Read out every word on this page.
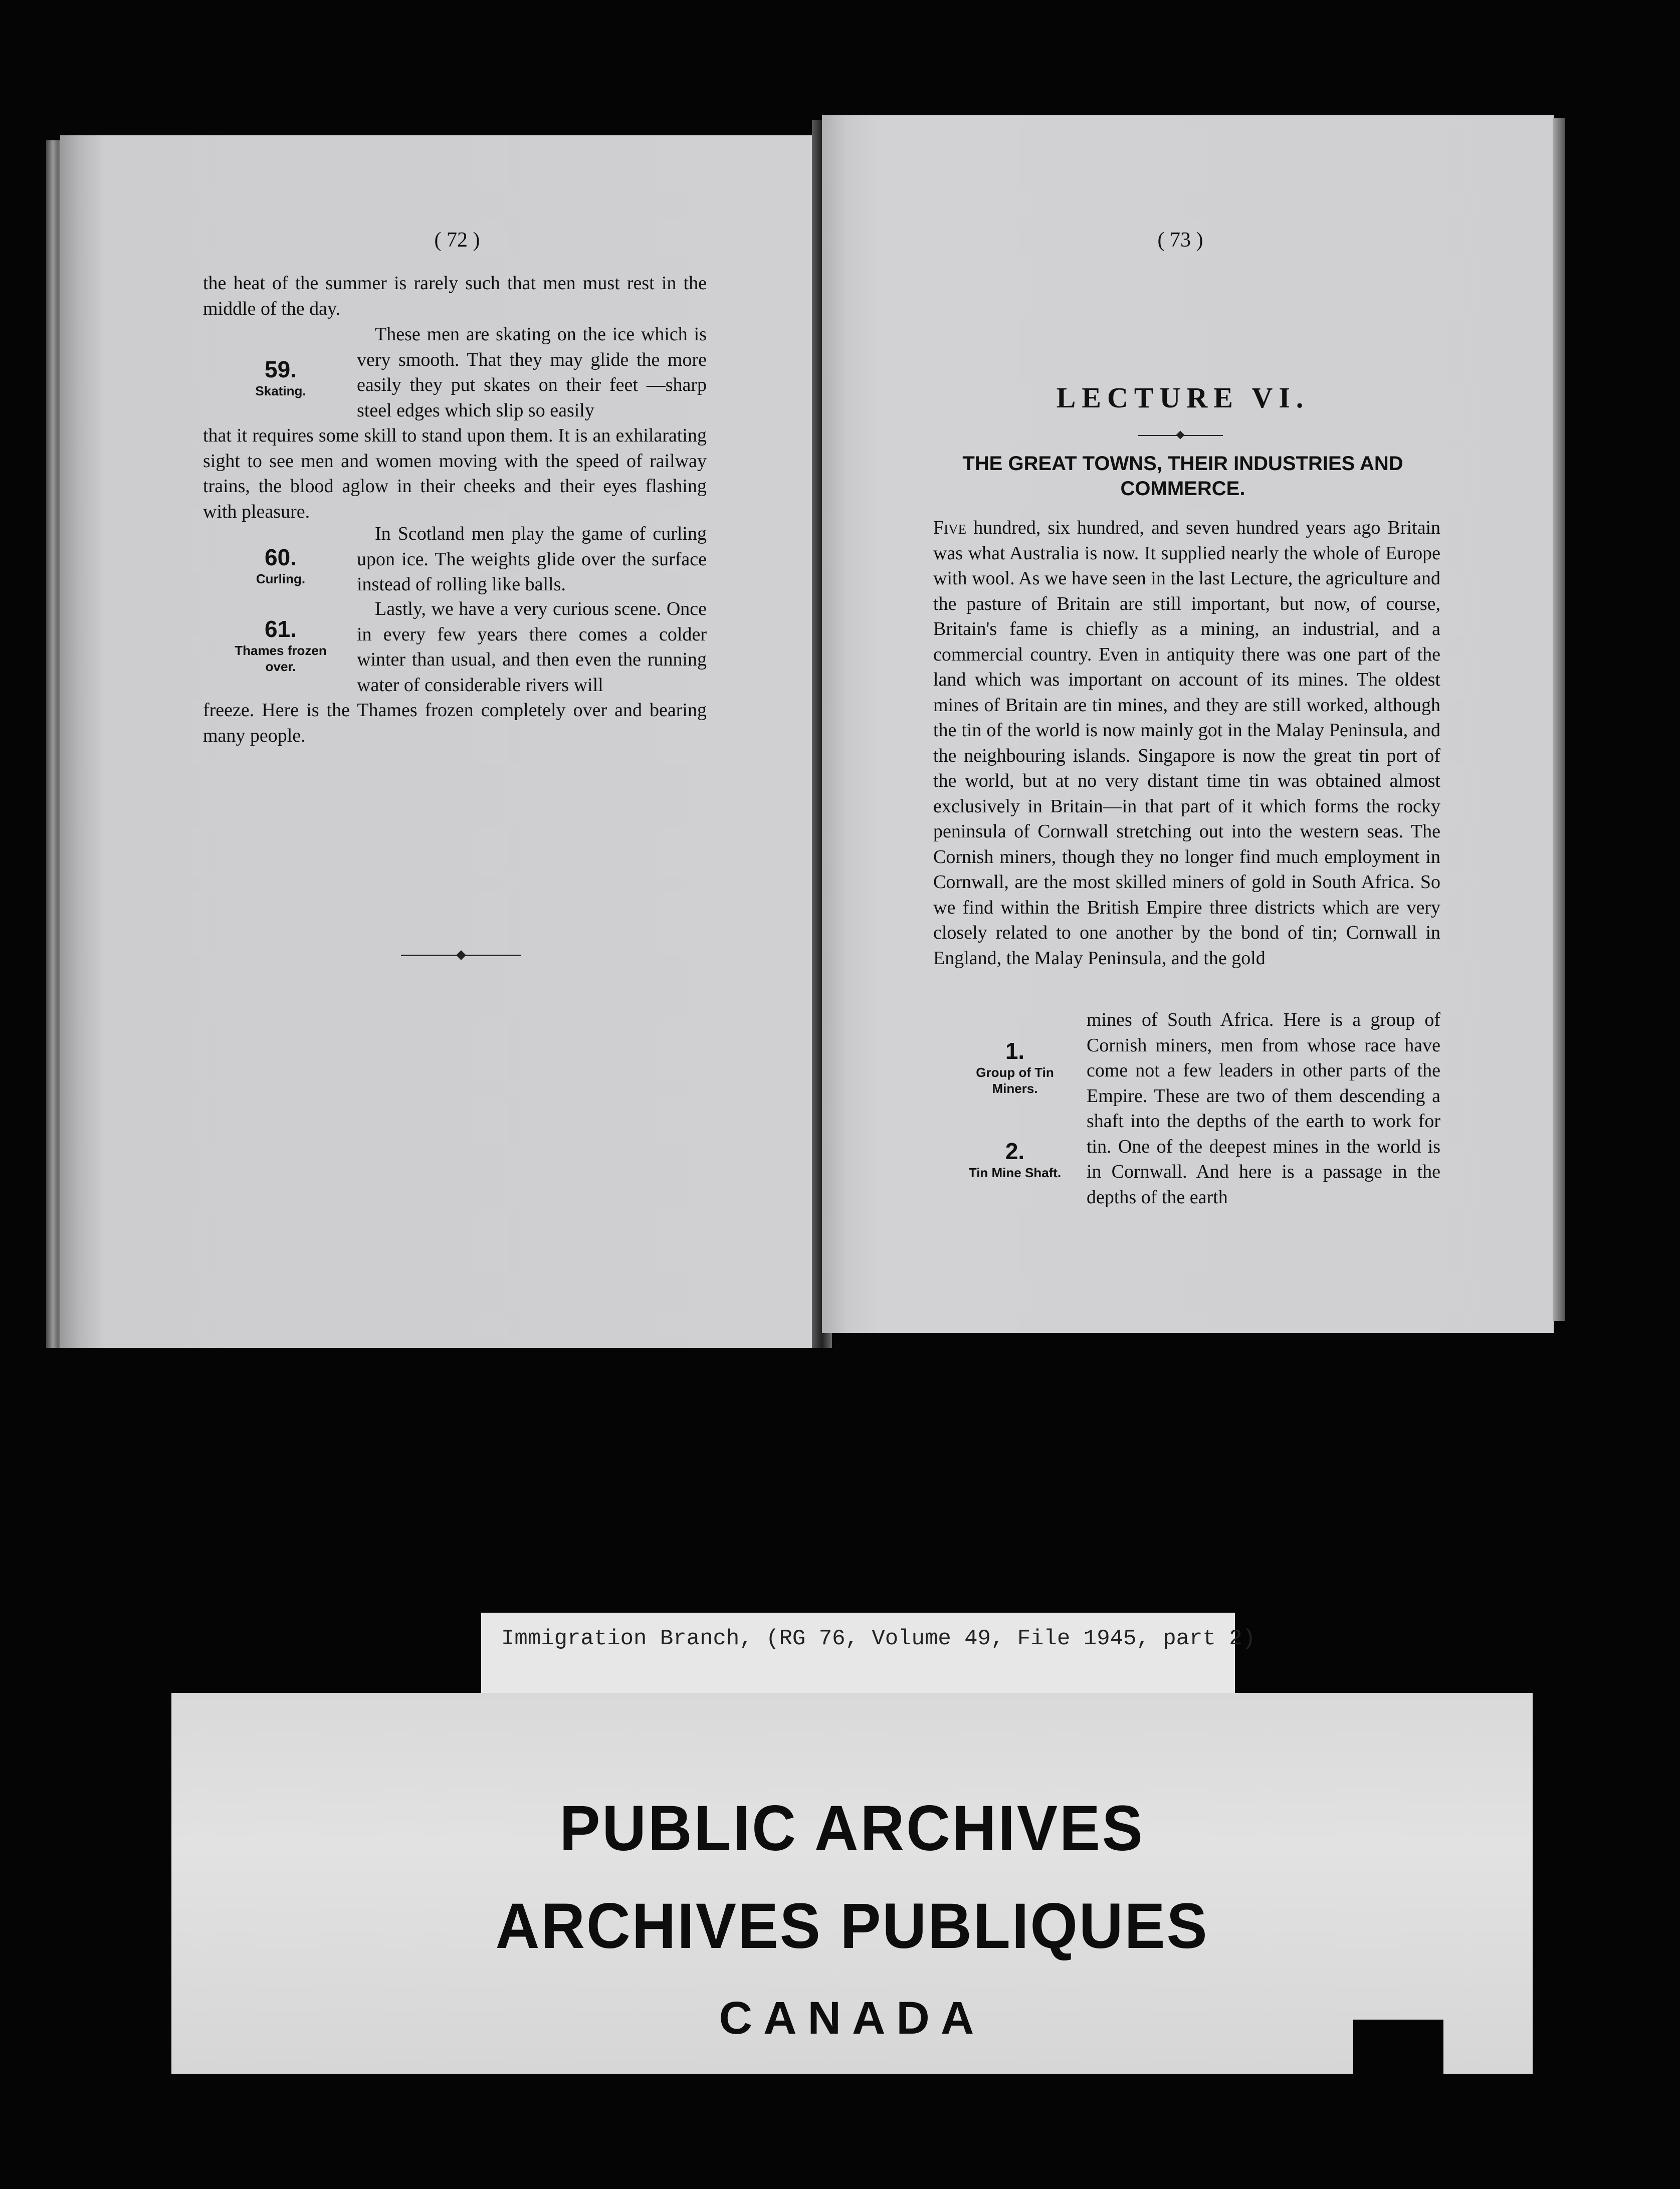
( 72 )
the heat of the summer is rarely such that men must rest in the middle of the day.
59.
Skating.
These men are skating on the ice which is very smooth. That they may glide the more easily they put skates on their feet —sharp steel edges which slip so easily
that it requires some skill to stand upon them. It is an exhilarating sight to see men and women moving with the speed of railway trains, the blood aglow in their cheeks and their eyes flashing with pleasure.
60.
Curling.
In Scotland men play the game of curling upon ice. The weights glide over the surface instead of rolling like balls.
61.
Thames frozen over.
Lastly, we have a very curious scene. Once in every few years there comes a colder winter than usual, and then even the running water of considerable rivers will
freeze. Here is the Thames frozen completely over and bearing many people.
( 73 )
LECTURE VI.
THE GREAT TOWNS, THEIR INDUSTRIES AND COMMERCE.
Five hundred, six hundred, and seven hundred years ago Britain was what Australia is now. It supplied nearly the whole of Europe with wool. As we have seen in the last Lecture, the agriculture and the pasture of Britain are still important, but now, of course, Britain's fame is chiefly as a mining, an industrial, and a commercial country. Even in antiquity there was one part of the land which was important on account of its mines. The oldest mines of Britain are tin mines, and they are still worked, although the tin of the world is now mainly got in the Malay Peninsula, and the neighbouring islands. Singapore is now the great tin port of the world, but at no very distant time tin was obtained almost exclusively in Britain—in that part of it which forms the rocky peninsula of Cornwall stretching out into the western seas. The Cornish miners, though they no longer find much employment in Cornwall, are the most skilled miners of gold in South Africa. So we find within the British Empire three districts which are very closely related to one another by the bond of tin; Cornwall in England, the Malay Peninsula, and the gold
1.
Group of Tin Miners.
2.
Tin Mine Shaft.
mines of South Africa. Here is a group of Cornish miners, men from whose race have come not a few leaders in other parts of the Empire. These are two of them descending a shaft into the depths of the earth to work for tin. One of the deepest mines in the world is in Cornwall. And here is a passage in the depths of the earth
Immigration Branch, (RG 76, Volume 49, File 1945, part 2)
PUBLIC ARCHIVES
ARCHIVES PUBLIQUES
CANADA
